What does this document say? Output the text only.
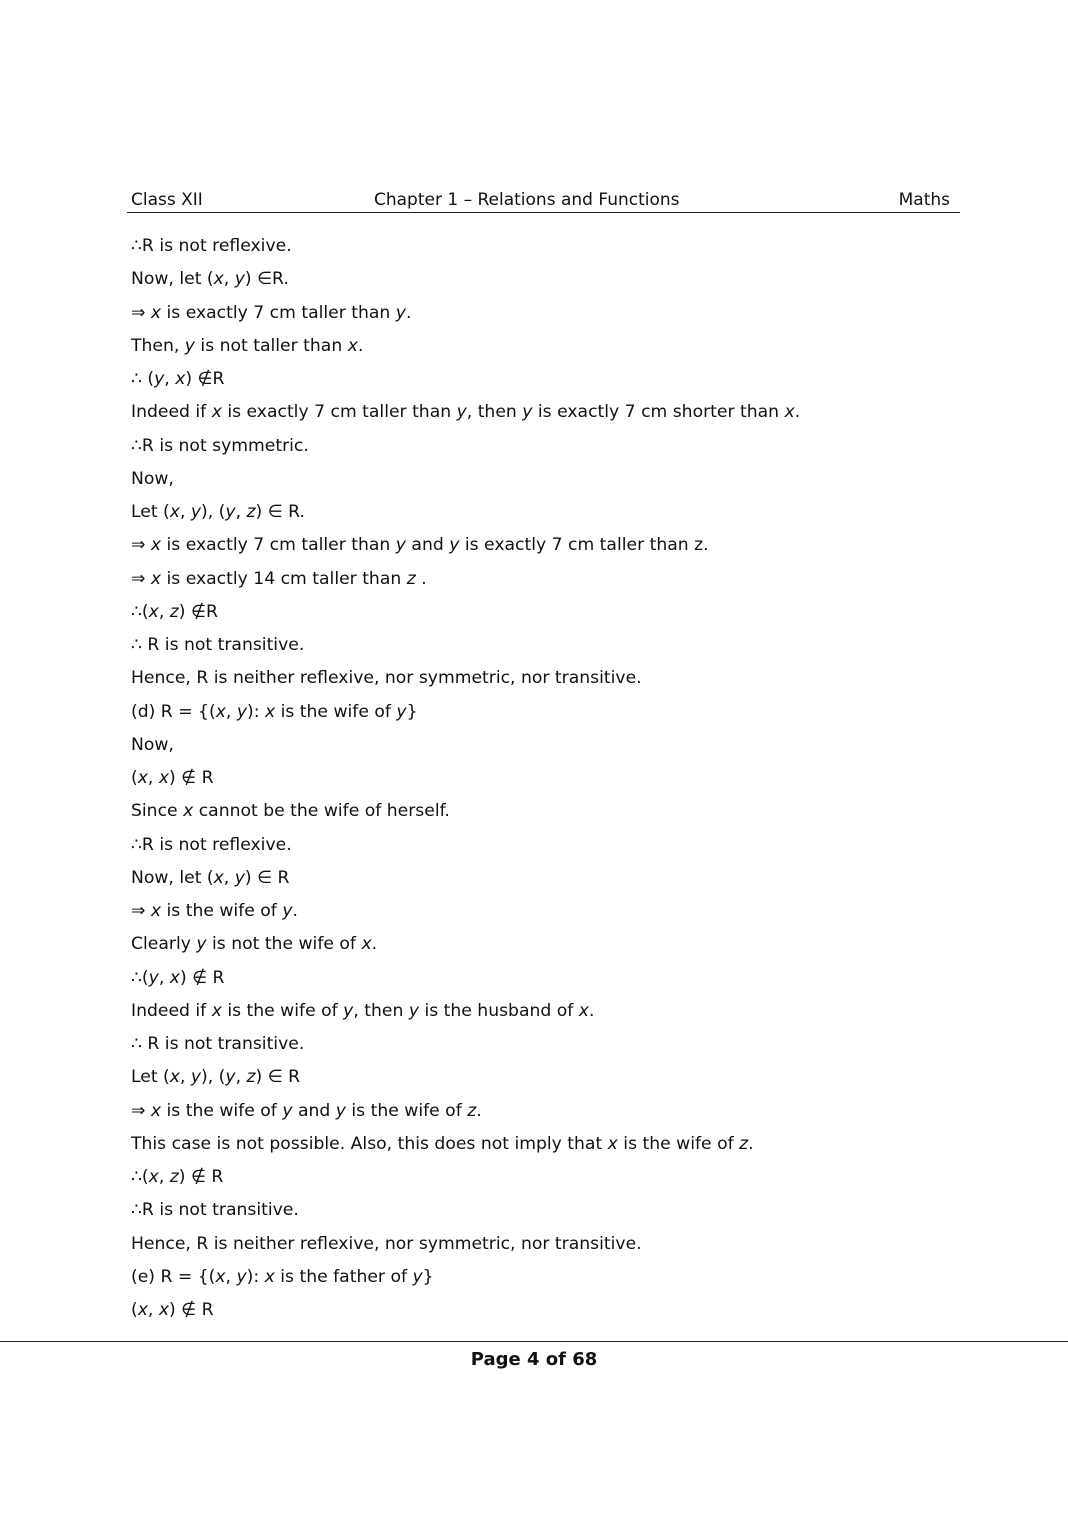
Class XII	Chapter 1 – Relations and Functions	Maths
∴R is not reflexive.
Now, let (x, y) ∈R.
⇒ x is exactly 7 cm taller than y.
Then, y is not taller than x.
∴ (y, x) ∉R
Indeed if x is exactly 7 cm taller than y, then y is exactly 7 cm shorter than x.
∴R is not symmetric.
Now,
Let (x, y), (y, z) ∈ R.
⇒ x is exactly 7 cm taller than y and y is exactly 7 cm taller than z.
⇒ x is exactly 14 cm taller than z .
∴(x, z) ∉R
∴ R is not transitive.
Hence, R is neither reflexive, nor symmetric, nor transitive.
(d) R = {(x, y): x is the wife of y}
Now,
(x, x) ∉ R
Since x cannot be the wife of herself.
∴R is not reflexive.
Now, let (x, y) ∈ R
⇒ x is the wife of y.
Clearly y is not the wife of x.
∴(y, x) ∉ R
Indeed if x is the wife of y, then y is the husband of x.
∴ R is not transitive.
Let (x, y), (y, z) ∈ R
⇒ x is the wife of y and y is the wife of z.
This case is not possible. Also, this does not imply that x is the wife of z.
∴(x, z) ∉ R
∴R is not transitive.
Hence, R is neither reflexive, nor symmetric, nor transitive.
(e) R = {(x, y): x is the father of y}
(x, x) ∉ R
Page 4 of 68
